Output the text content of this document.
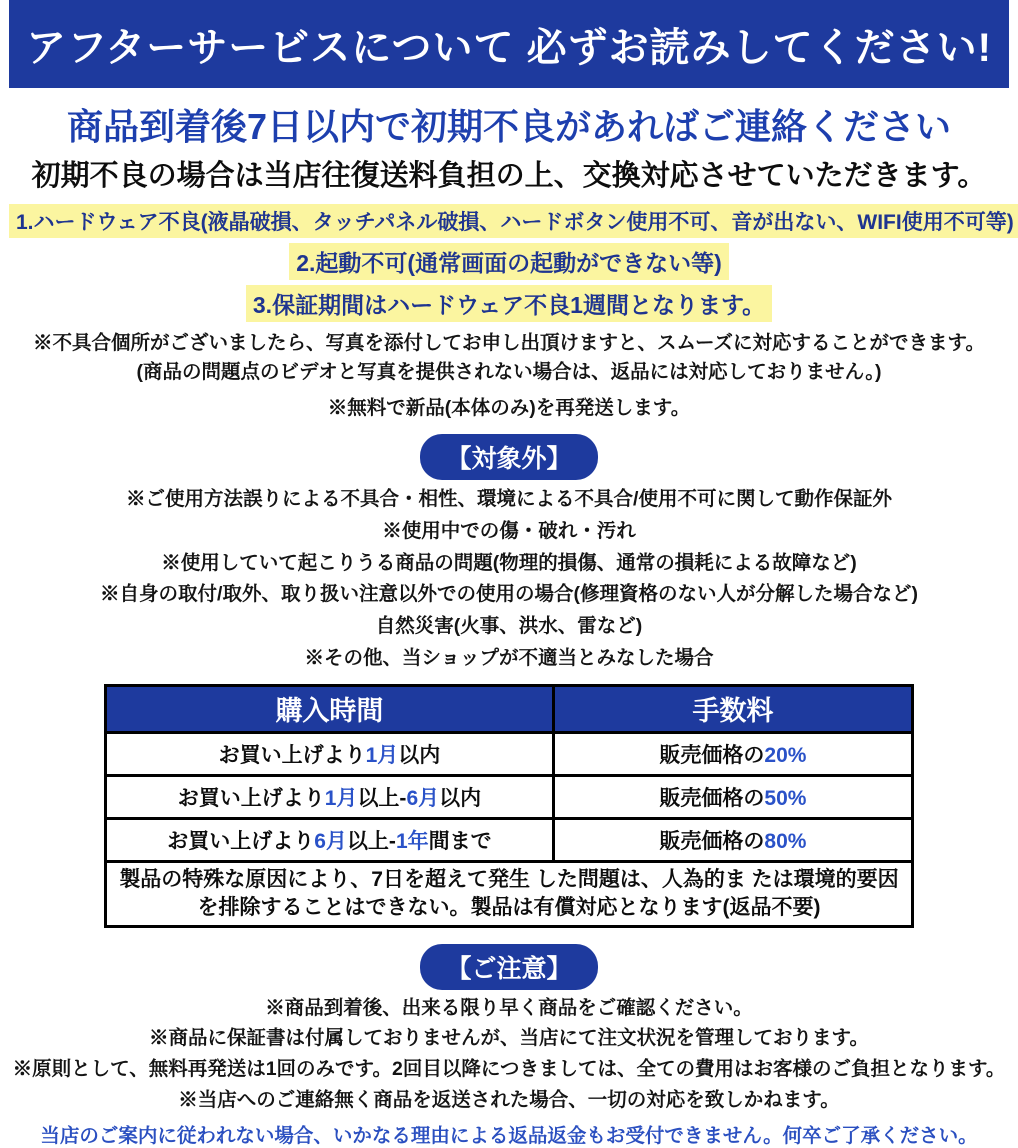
アフターサービスについて 必ずお読みしてください!
商品到着後7日以内で初期不良があればご連絡ください
初期不良の場合は当店往復送料負担の上、交換対応させていただきます。
1.ハードウェア不良(液晶破損、タッチパネル破損、ハードボタン使用不可、音が出ない、WIFI使用不可等)
2.起動不可(通常画面の起動ができない等)
3.保証期間はハードウェア不良1週間となります。
※不具合個所がございましたら、写真を添付してお申し出頂けますと、スムーズに対応することができます。
(商品の問題点のビデオと写真を提供されない場合は、返品には対応しておりません。)
※無料で新品(本体のみ)を再発送します。
【対象外】
※ご使用方法誤りによる不具合・相性、環境による不具合/使用不可に関して動作保証外
※使用中での傷・破れ・汚れ
※使用していて起こりうる商品の問題(物理的損傷、通常の損耗による故障など)
※自身の取付/取外、取り扱い注意以外での使用の場合(修理資格のない人が分解した場合など)
自然災害(火事、洪水、雷など)
※その他、当ショップが不適当とみなした場合
購入時間	手数料
お買い上げより1月以内	販売価格の20%
お買い上げより1月以上-6月以内	販売価格の50%
お買い上げより6月以上-1年間まで	販売価格の80%
製品の特殊な原因により、7日を超えて発生 した問題は、人為的ま たは環境的要因を排除することはできない。製品は有償対応となります(返品不要)	
【ご注意】
※商品到着後、出来る限り早く商品をご確認ください。
※商品に保証書は付属しておりませんが、当店にて注文状況を管理しております。
※原則として、無料再発送は1回のみです。2回目以降につきましては、全ての費用はお客様のご負担となります。
※当店へのご連絡無く商品を返送された場合、一切の対応を致しかねます。
当店のご案内に従われない場合、いかなる理由による返品返金もお受付できません。何卒ご了承ください。
